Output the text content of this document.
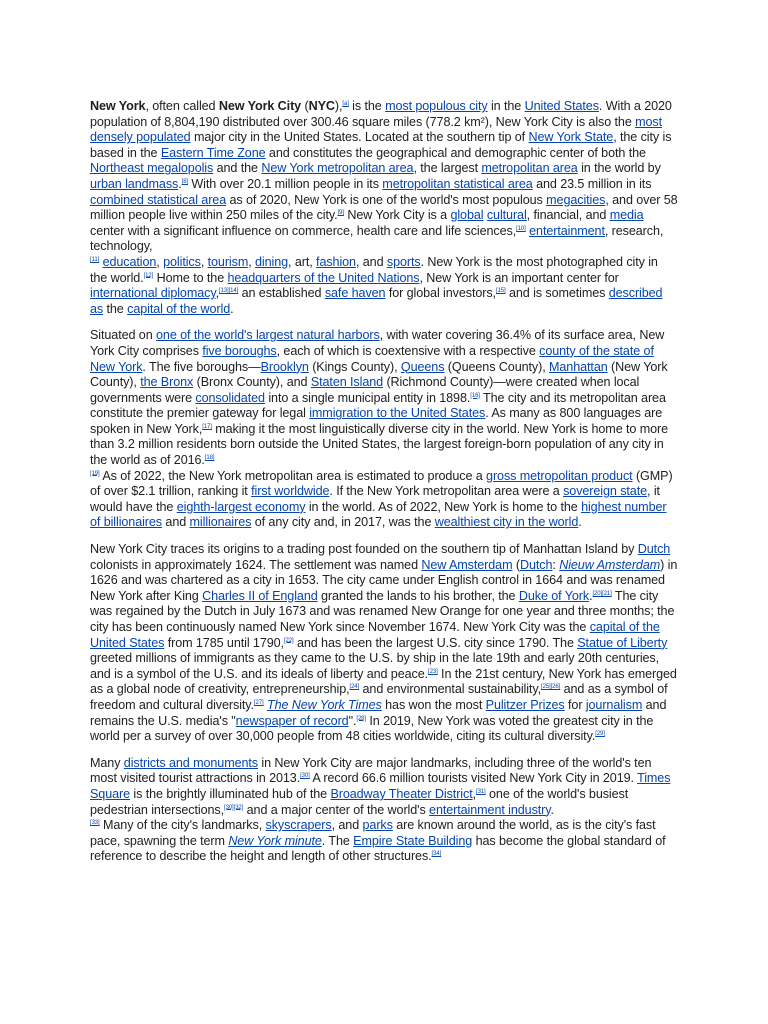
New York, often called New York City (NYC),[a] is the most populous city in the United States. With a 2020 population of 8,804,190 distributed over 300.46 square miles (778.2 km²), New York City is also the most densely populated major city in the United States. Located at the southern tip of New York State, the city is based in the Eastern Time Zone and constitutes the geographical and demographic center of both the Northeast megalopolis and the New York metropolitan area, the largest metropolitan area in the world by urban landmass.[8] With over 20.1 million people in its metropolitan statistical area and 23.5 million in its combined statistical area as of 2020, New York is one of the world's most populous megacities, and over 58 million people live within 250 miles of the city.[9] New York City is a global cultural, financial, and media center with a significant influence on commerce, health care and life sciences,[10] entertainment, research, technology,
[11] education, politics, tourism, dining, art, fashion, and sports. New York is the most photographed city in the world.[12] Home to the headquarters of the United Nations, New York is an important center for international diplomacy,[13][14] an established safe haven for global investors,[15] and is sometimes described as the capital of the world.

Situated on one of the world's largest natural harbors, with water covering 36.4% of its surface area, New York City comprises five boroughs, each of which is coextensive with a respective county of the state of New York. The five boroughs—Brooklyn (Kings County), Queens (Queens County), Manhattan (New York County), the Bronx (Bronx County), and Staten Island (Richmond County)—were created when local governments were consolidated into a single municipal entity in 1898.[16] The city and its metropolitan area constitute the premier gateway for legal immigration to the United States. As many as 800 languages are spoken in New York,[17] making it the most linguistically diverse city in the world. New York is home to more than 3.2 million residents born outside the United States, the largest foreign-born population of any city in the world as of 2016.[18]
[19] As of 2022, the New York metropolitan area is estimated to produce a gross metropolitan product (GMP) of over $2.1 trillion, ranking it first worldwide. If the New York metropolitan area were a sovereign state, it would have the eighth-largest economy in the world. As of 2022, New York is home to the highest number of billionaires and millionaires of any city and, in 2017, was the wealthiest city in the world.

New York City traces its origins to a trading post founded on the southern tip of Manhattan Island by Dutch colonists in approximately 1624. The settlement was named New Amsterdam (Dutch: Nieuw Amsterdam) in 1626 and was chartered as a city in 1653. The city came under English control in 1664 and was renamed New York after King Charles II of England granted the lands to his brother, the Duke of York.[20][21] The city was regained by the Dutch in July 1673 and was renamed New Orange for one year and three months; the city has been continuously named New York since November 1674. New York City was the capital of the United States from 1785 until 1790,[22] and has been the largest U.S. city since 1790. The Statue of Liberty greeted millions of immigrants as they came to the U.S. by ship in the late 19th and early 20th centuries, and is a symbol of the U.S. and its ideals of liberty and peace.[23] In the 21st century, New York has emerged as a global node of creativity, entrepreneurship,[24] and environmental sustainability,[25][26] and as a symbol of freedom and cultural diversity.[27] The New York Times has won the most Pulitzer Prizes for journalism and remains the U.S. media's "newspaper of record".[28] In 2019, New York was voted the greatest city in the world per a survey of over 30,000 people from 48 cities worldwide, citing its cultural diversity.[29]

Many districts and monuments in New York City are major landmarks, including three of the world's ten most visited tourist attractions in 2013.[30] A record 66.6 million tourists visited New York City in 2019. Times Square is the brightly illuminated hub of the Broadway Theater District,[31] one of the world's busiest pedestrian intersections,[30][32] and a major center of the world's entertainment industry.
[33] Many of the city's landmarks, skyscrapers, and parks are known around the world, as is the city's fast pace, spawning the term New York minute. The Empire State Building has become the global standard of reference to describe the height and length of other structures.[34]
